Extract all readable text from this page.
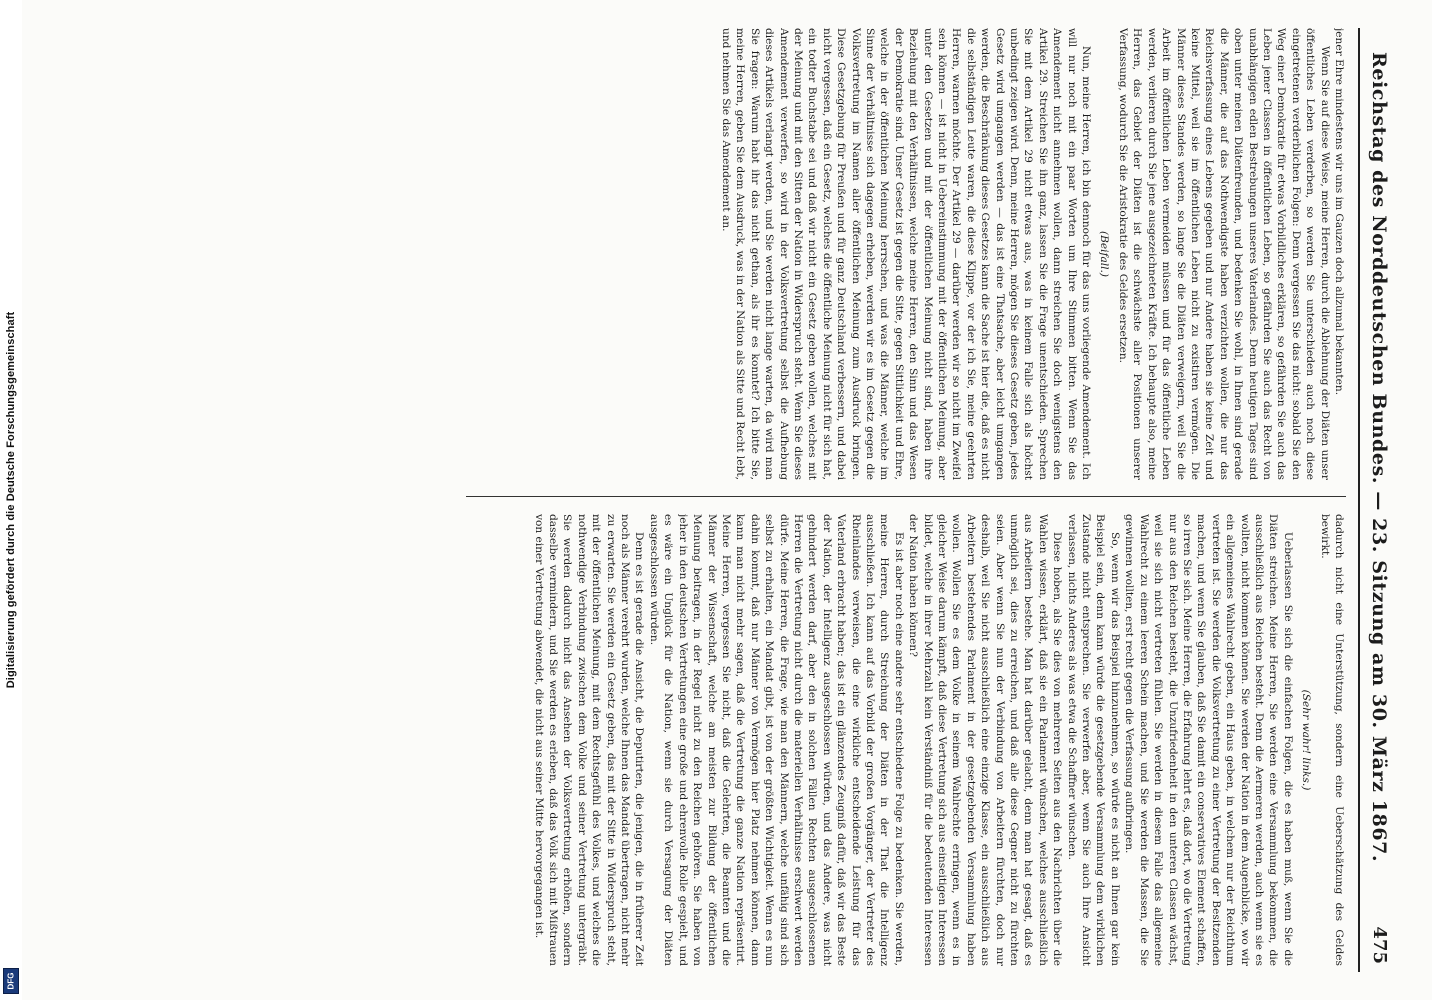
Digitalisierung gefördert durch die Deutsche Forschungsgemeinschaft
DFG
Reichstag des Norddeutschen Bundes. — 23. Sitzung am 30. März 1867.
475

jener Ehre mindestens wir uns im Gauzen doch allzumal bekannten.

Wenn Sie auf diese Weise, meine Herren, durch die Ablehnung der Diäten unser öffentliches Leben verderben, so werden Sie unterschieden auch noch diese eingetretenen verderblichen Folgen: Denn vergessen Sie das nicht: sobald Sie den Weg einer Demokratie für etwas Vorbildliches erklären, so gefährden Sie auch das Leben jener Classen in öffentlichen Leben, so gefährden Sie auch das Recht von unabhängigen edlen Bestrebungen unseres Vaterlandes. Denn heutigen Tages sind oben unter meinen Diätenfreunden, und bedenken Sie wohl, in Ihnen sind gerade die Männer, die auf das Nothwendigste haben verzichten wollen, die nur das Reichsverfassung eines Lebens gegeben und nur Andere haben sie keine Zeit und keine Mittel, weil sie im öffentlichen Leben nicht zu existiren vermögen. Die Männer dieses Standes werden, so lange Sie die Diäten verweigern, weil Sie die Arbeit im öffentlichen Leben vermeiden müssen und für das öffentliche Leben werden, verlieren durch Sie jene ausgezeichneten Kräfte. Ich behaupte also, meine Herren, das Gebiet der Diäten ist die schwächste aller Positionen unserer Verfassung, wodurch Sie die Aristokratie des Geldes ersetzen.

(Beifall.)

Nun, meine Herren, ich bin dennoch für das uns vorliegende Amendement. Ich will nur noch mit ein paar Worten um Ihre Stimmen bitten. Wenn Sie das Amendement nicht annehmen wollen, dann streichen Sie doch wenigstens den Artikel 29. Streichen Sie ihn ganz, lassen Sie die Frage unentschieden. Sprechen Sie mit dem Artikel 29 nicht etwas aus, was in keinem Falle sich als höchst unbedingt zeigen wird. Denn, meine Herren, mögen Sie dieses Gesetz geben, jedes Gesetz wird umgangen werden — das ist eine Thatsache, aber leicht umgangen werden, die Beschränkung dieses Gesetzes kann die Sache ist hier die, daß es nicht die selbständigen Leute waren, die diese Klippe, vor der ich Sie, meine geehrten Herren, warnen möchte. Der Artikel 29 — darüber werden wir so nicht im Zweifel sein können — ist nicht in Uebereinstimmung mit der öffentlichen Meinung, aber unter den Gesetzen und mit der öffentlichen Meinung nicht sind, haben ihre Beziehung mit den Verhältnissen, welche meine Herren, den Sinn und das Wesen der Demokratie sind. Unser Gesetz ist gegen die Sitte, gegen Sittlichkeit und Ehre, welche in der öffentlichen Meinung herrschen, und was die Männer, welche im Sinne der Verhältnisse sich dagegen erheben, werden wir es im Gesetz gegen die Volksvertretung im Namen aller öffentlichen Meinung zum Ausdruck bringen. Diese Gesetzgebung für Preußen und für ganz Deutschland verbessern, und dabei nicht vergessen, daß ein Gesetz, welches die öffentliche Meinung nicht für sich hat, ein todter Buchstabe sei und daß wir nicht ein Gesetz geben wollen, welches mit der Meinung und mit den Sitten der Nation in Widerspruch steht. Wenn Sie dieses Amendement verwerfen, so wird in der Volksvertretung selbst die Aufhebung dieses Artikels verlangt werden, und Sie werden nicht lange warten, da wird man Sie fragen: Warum habt ihr das nicht gethan, als ihr es konntet? Ich bitte Sie, meine Herren, geben Sie dem Ausdruck, was in der Nation als Sitte und Recht lebt, und nehmen Sie das Amendement an.

dadurch nicht eine Unterstützung, sondern eine Ueberschätzung des Geldes bewirkt.

(Sehr wahr! links.)

Ueberlassen Sie sich die einfachen Folgen, die es haben muß, wenn Sie die Diäten streichen. Meine Herren, Sie werden eine Versammlung bekommen, die ausschließlich aus Reichen besteht. Denn die Aermeren werden, auch wenn sie es wollten, nicht kommen können. Sie werden der Nation in dem Augenblicke, wo wir ein allgemeines Wahlrecht geben, ein Haus geben, in welchem nur der Reichthum vertreten ist. Sie werden die Volksvertretung zu einer Vertretung der Besitzenden machen, und wenn Sie glauben, daß Sie damit ein conservatives Element schaffen, so irren Sie sich. Meine Herren, die Erfahrung lehrt es, daß dort, wo die Vertretung nur aus den Reichen besteht, die Unzufriedenheit in den unteren Classen wächst, weil sie sich nicht vertreten fühlen. Sie werden in diesem Falle das allgemeine Wahlrecht zu einem leeren Schein machen, und Sie werden die Massen, die Sie gewinnen wollten, erst recht gegen die Verfassung aufbringen.

So, wenn wir das Beispiel hinzunehmen, so würde es nicht an Ihnen gar kein Beispiel sein, denn kann würde die gesetzgebende Versammlung dem wirklichen Zustande nicht entsprechen. Sie verwerfen aber, wenn Sie auch Ihre Ansicht verlassen, nichts Anderes als was etwa die Schaffner wünschen.

Diese hoben, als Sie dies von mehreren Seiten aus den Nachrichten über die Wahlen wissen, erklärt, daß sie ein Parlament wünschen, welches ausschließlich aus Arbeitern bestehe. Man hat darüber gelacht, denn man hat gesagt, daß es unmöglich sei, dies zu erreichen, und daß alle diese Gegner nicht zu fürchten seien. Aber wenn Sie nun der Verbindung von Arbeitern fürchten, doch nur deshalb, weil Sie nicht ausschließlich eine einzige Klasse, ein ausschließlich aus Arbeitern bestehendes Parlament in der gesetzgebenden Versammlung haben wollen. Wollen Sie es dem Volke in seinem Wahlrechte erringen, wenn es in gleicher Weise darum kämpft, daß diese Vertretung sich aus einseitigen Interessen bildet, welche in ihrer Mehrzahl kein Verständniß für die bedeutenden Interessen der Nation haben können?

Es ist aber noch eine andere sehr entschiedene Folge zu bedenken. Sie werden, meine Herren, durch Streichung der Diäten in der That die Intelligenz ausschließen. Ich kann auf das Vorbild der großen Vorgänger, der Vertreter des Rheinlandes verweisen, die eine wirkliche entscheidende Leistung für das Vaterland erbracht haben; das ist ein glänzendes Zeugniß dafür, daß wir das Beste der Nation, der Intelligenz ausgeschlossen würden, und das Andere, was nicht gehindert werden darf, aber den in solchen Fällen Rechten ausgeschlossenen Herren die Vertretung nicht durch die materiellen Verhältnisse erschwert werden dürfe. Meine Herren, die Frage, wie man den Männern, welche unfähig sind sich selbst zu erhalten, ein Mandat gibt, ist von der größten Wichtigkeit. Wenn es nun dahin kommt, daß nur Männer von Vermögen hier Platz nehmen können, dann kann man nicht mehr sagen, daß die Vertretung die ganze Nation repräsentirt. Meine Herren, vergessen Sie nicht, daß die Gelehrten, die Beamten und die Männer der Wissenschaft, welche am meisten zur Bildung der öffentlichen Meinung beitragen, in der Regel nicht zu den Reichen gehören. Sie haben von jeher in den deutschen Vertretungen eine große und ehrenvolle Rolle gespielt, und es wäre ein Unglück für die Nation, wenn sie durch Versagung der Diäten ausgeschlossen würden.

Denn es ist gerade die Ansicht, die Deputirten, die jenigen, die in früherer Zeit noch als Männer verehrt wurden, welche Ihnen das Mandat übertragen, nicht mehr zu erwarten. Sie werden ein Gesetz geben, das mit der Sitte in Widerspruch steht, mit der öffentlichen Meinung, mit dem Rechtsgefühl des Volkes, und welches die nothwendige Verbindung zwischen dem Volke und seiner Vertretung untergräbt. Sie werden dadurch nicht das Ansehen der Volksvertretung erhöhen, sondern dasselbe vermindern, und Sie werden es erleben, daß das Volk sich mit Mißtrauen von einer Vertretung abwendet, die nicht aus seiner Mitte hervorgegangen ist.
